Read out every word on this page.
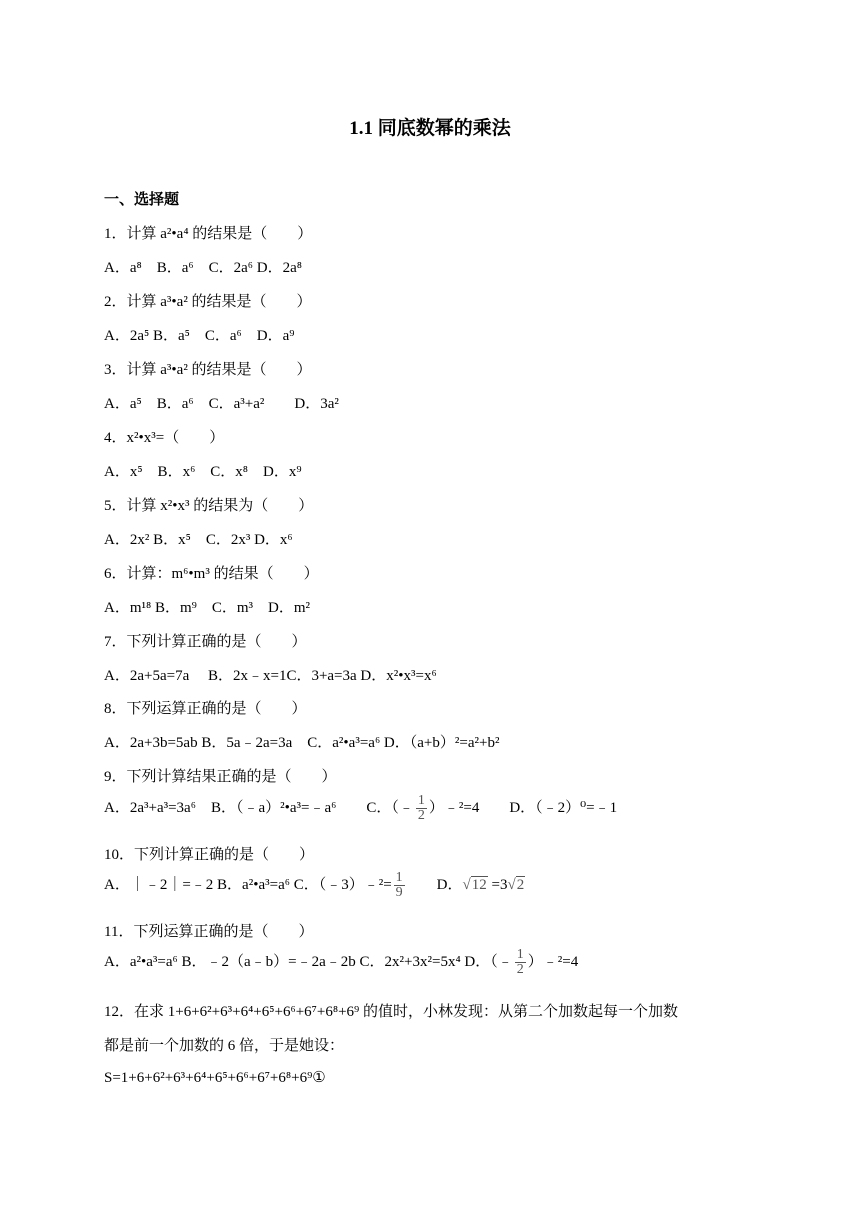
1.1 同底数幂的乘法
一、选择题
1．计算 a²•a⁴ 的结果是（　　）
A．a⁸　B．a⁶　C．2a⁶ D．2a⁸
2．计算 a³•a² 的结果是（　　）
A．2a⁵ B．a⁵　C．a⁶　D．a⁹
3．计算 a³•a² 的结果是（　　）
A．a⁵　B．a⁶　C．a³+a²　　D．3a²
4．x²•x³=（　　）
A．x⁵　B．x⁶　C．x⁸　D．x⁹
5．计算 x²•x³ 的结果为（　　）
A．2x² B．x⁵　C．2x³ D．x⁶
6．计算：m⁶•m³ 的结果（　　）
A．m¹⁸ B．m⁹　C．m³　D．m²
7．下列计算正确的是（　　）
A．2a+5a=7a　 B．2x﹣x=1C．3+a=3a D．x²•x³=x⁶
8．下列运算正确的是（　　）
A．2a+3b=5ab B．5a﹣2a=3a　C．a²•a³=a⁶ D．（a+b）²=a²+b²
9．下列计算结果正确的是（　　）
A．2a³+a³=3a⁶　B．（﹣a）²•a³=﹣a⁶　　C．（﹣ $\frac{1}{2}$ ）﹣²=4　　D．（﹣2）⁰=﹣1
10．下列计算正确的是（　　）
A．｜﹣2｜=﹣2 B．a²•a³=a⁶ C．（﹣3）﹣²= $\frac{1}{9}$ 　　D．√12 =3√2
11．下列运算正确的是（　　）
A．a²•a³=a⁶ B．﹣2（a﹣b）=﹣2a﹣2b C．2x²+3x²=5x⁴ D．（﹣ $\frac{1}{2}$ ）﹣²=4
12．在求 1+6+6²+6³+6⁴+6⁵+6⁶+6⁷+6⁸+6⁹ 的值时，小林发现：从第二个加数起每一个加数
都是前一个加数的 6 倍，于是她设：
S=1+6+6²+6³+6⁴+6⁵+6⁶+6⁷+6⁸+6⁹①
